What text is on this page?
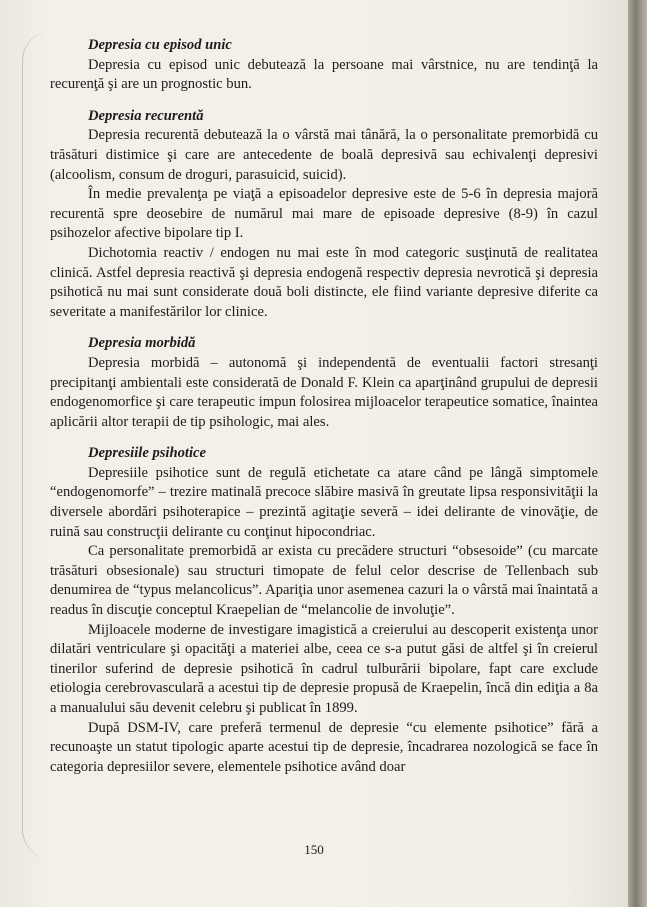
Depresia cu episod unic

Depresia cu episod unic debutează la persoane mai vârstnice, nu are tendinţă la recurenţă şi are un prognostic bun.

Depresia recurentă

Depresia recurentă debutează la o vârstă mai tânără, la o personalitate premorbidă cu trăsături distimice şi care are antecedente de boală depresivă sau echivalenţi depresivi (alcoolism, consum de droguri, parasuicid, suicid).

În medie prevalenţa pe viaţă a episoadelor depresive este de 5-6 în depresia majoră recurentă spre deosebire de numărul mai mare de episoade depresive (8-9) în cazul psihozelor afective bipolare tip I.

Dichotomia reactiv / endogen nu mai este în mod categoric susţinută de realitatea clinică. Astfel depresia reactivă şi depresia endogenă respectiv depresia nevrotică şi depresia psihotică nu mai sunt considerate două boli distincte, ele fiind variante depresive diferite ca severitate a manifestărilor lor clinice.

Depresia morbidă

Depresia morbidă – autonomă şi independentă de eventualii factori stresanţi precipitanţi ambientali este considerată de Donald F. Klein ca aparţinând grupului de depresii endogenomorfice şi care terapeutic impun folosirea mijloacelor terapeutice somatice, înaintea aplicării altor terapii de tip psihologic, mai ales.

Depresiile psihotice

Depresiile psihotice sunt de regulă etichetate ca atare când pe lângă simptomele “endogenomorfe” – trezire matinală precoce slăbire masivă în greutate lipsa responsivităţii la diversele abordări psihoterapice – prezintă agitaţie severă – idei delirante de vinovăţie, de ruină sau construcţii delirante cu conţinut hipocondriac.

Ca personalitate premorbidă ar exista cu precădere structuri “obsesoide” (cu marcate trăsături obsesionale) sau structuri timopate de felul celor descrise de Tellenbach sub denumirea de “typus melancolicus”. Apariţia unor asemenea cazuri la o vârstă mai înaintată a readus în discuţie conceptul Kraepelian de “melancolie de involuţie”.

Mijloacele moderne de investigare imagistică a creierului au descoperit existenţa unor dilatări ventriculare şi opacităţi a materiei albe, ceea ce s-a putut găsi de altfel şi în creierul tinerilor suferind de depresie psihotică în cadrul tulburării bipolare, fapt care exclude etiologia cerebrovasculară a acestui tip de depresie propusă de Kraepelin, încă din ediţia a 8a a manualului său devenit celebru şi publicat în 1899.

După DSM-IV, care preferă termenul de depresie “cu elemente psihotice” fără a recunoaşte un statut tipologic aparte acestui tip de depresie, încadrarea nozologică se face în categoria depresiilor severe, elementele psihotice având doar

150
